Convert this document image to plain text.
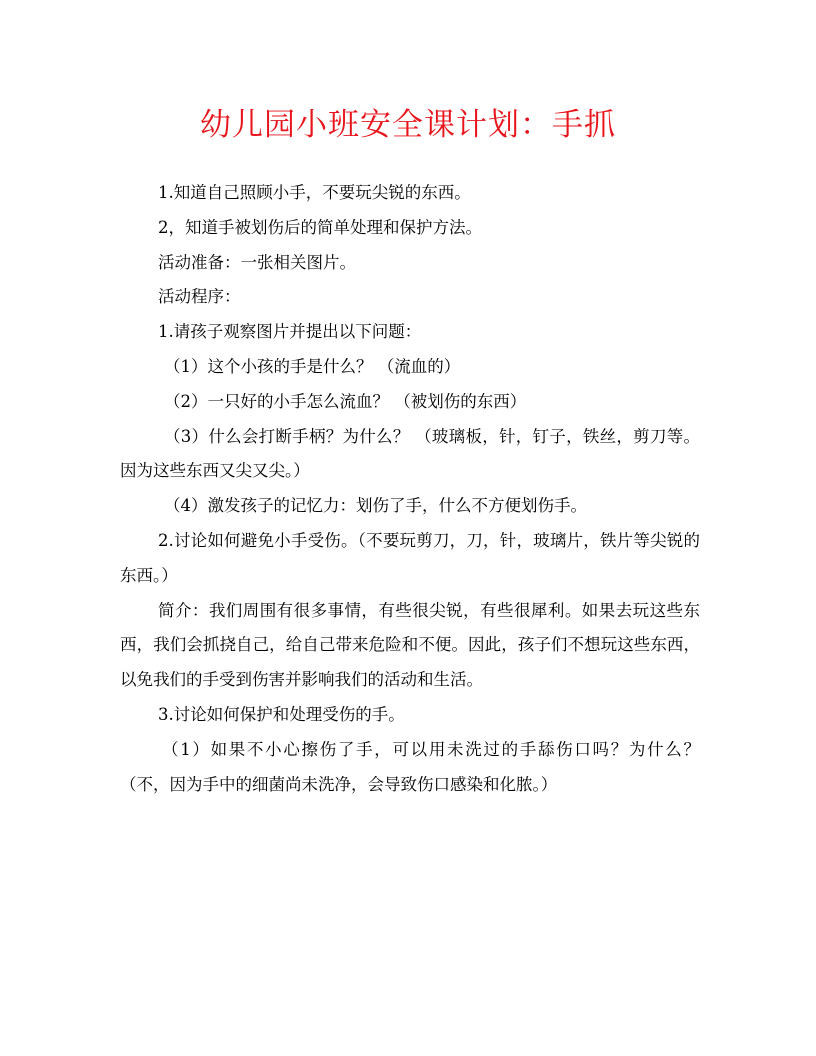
幼儿园小班安全课计划：手抓

1.知道自己照顾小手，不要玩尖锐的东西。

2，知道手被划伤后的简单处理和保护方法。

活动准备：一张相关图片。

活动程序：

1.请孩子观察图片并提出以下问题：

（1）这个小孩的手是什么？ （流血的）

（2）一只好的小手怎么流血？ （被划伤的东西）

（3）什么会打断手柄？为什么？ （玻璃板，针，钉子，铁丝，剪刀等。因为这些东西又尖又尖。）

（4）激发孩子的记忆力：划伤了手，什么不方便划伤手。

2.讨论如何避免小手受伤。（不要玩剪刀，刀，针，玻璃片，铁片等尖锐的东西。）

简介：我们周围有很多事情，有些很尖锐，有些很犀利。如果去玩这些东西，我们会抓挠自己，给自己带来危险和不便。因此，孩子们不想玩这些东西，以免我们的手受到伤害并影响我们的活动和生活。

3.讨论如何保护和处理受伤的手。

（1）如果不小心擦伤了手，可以用未洗过的手舔伤口吗？为什么？（不，因为手中的细菌尚未洗净，会导致伤口感染和化脓。）
